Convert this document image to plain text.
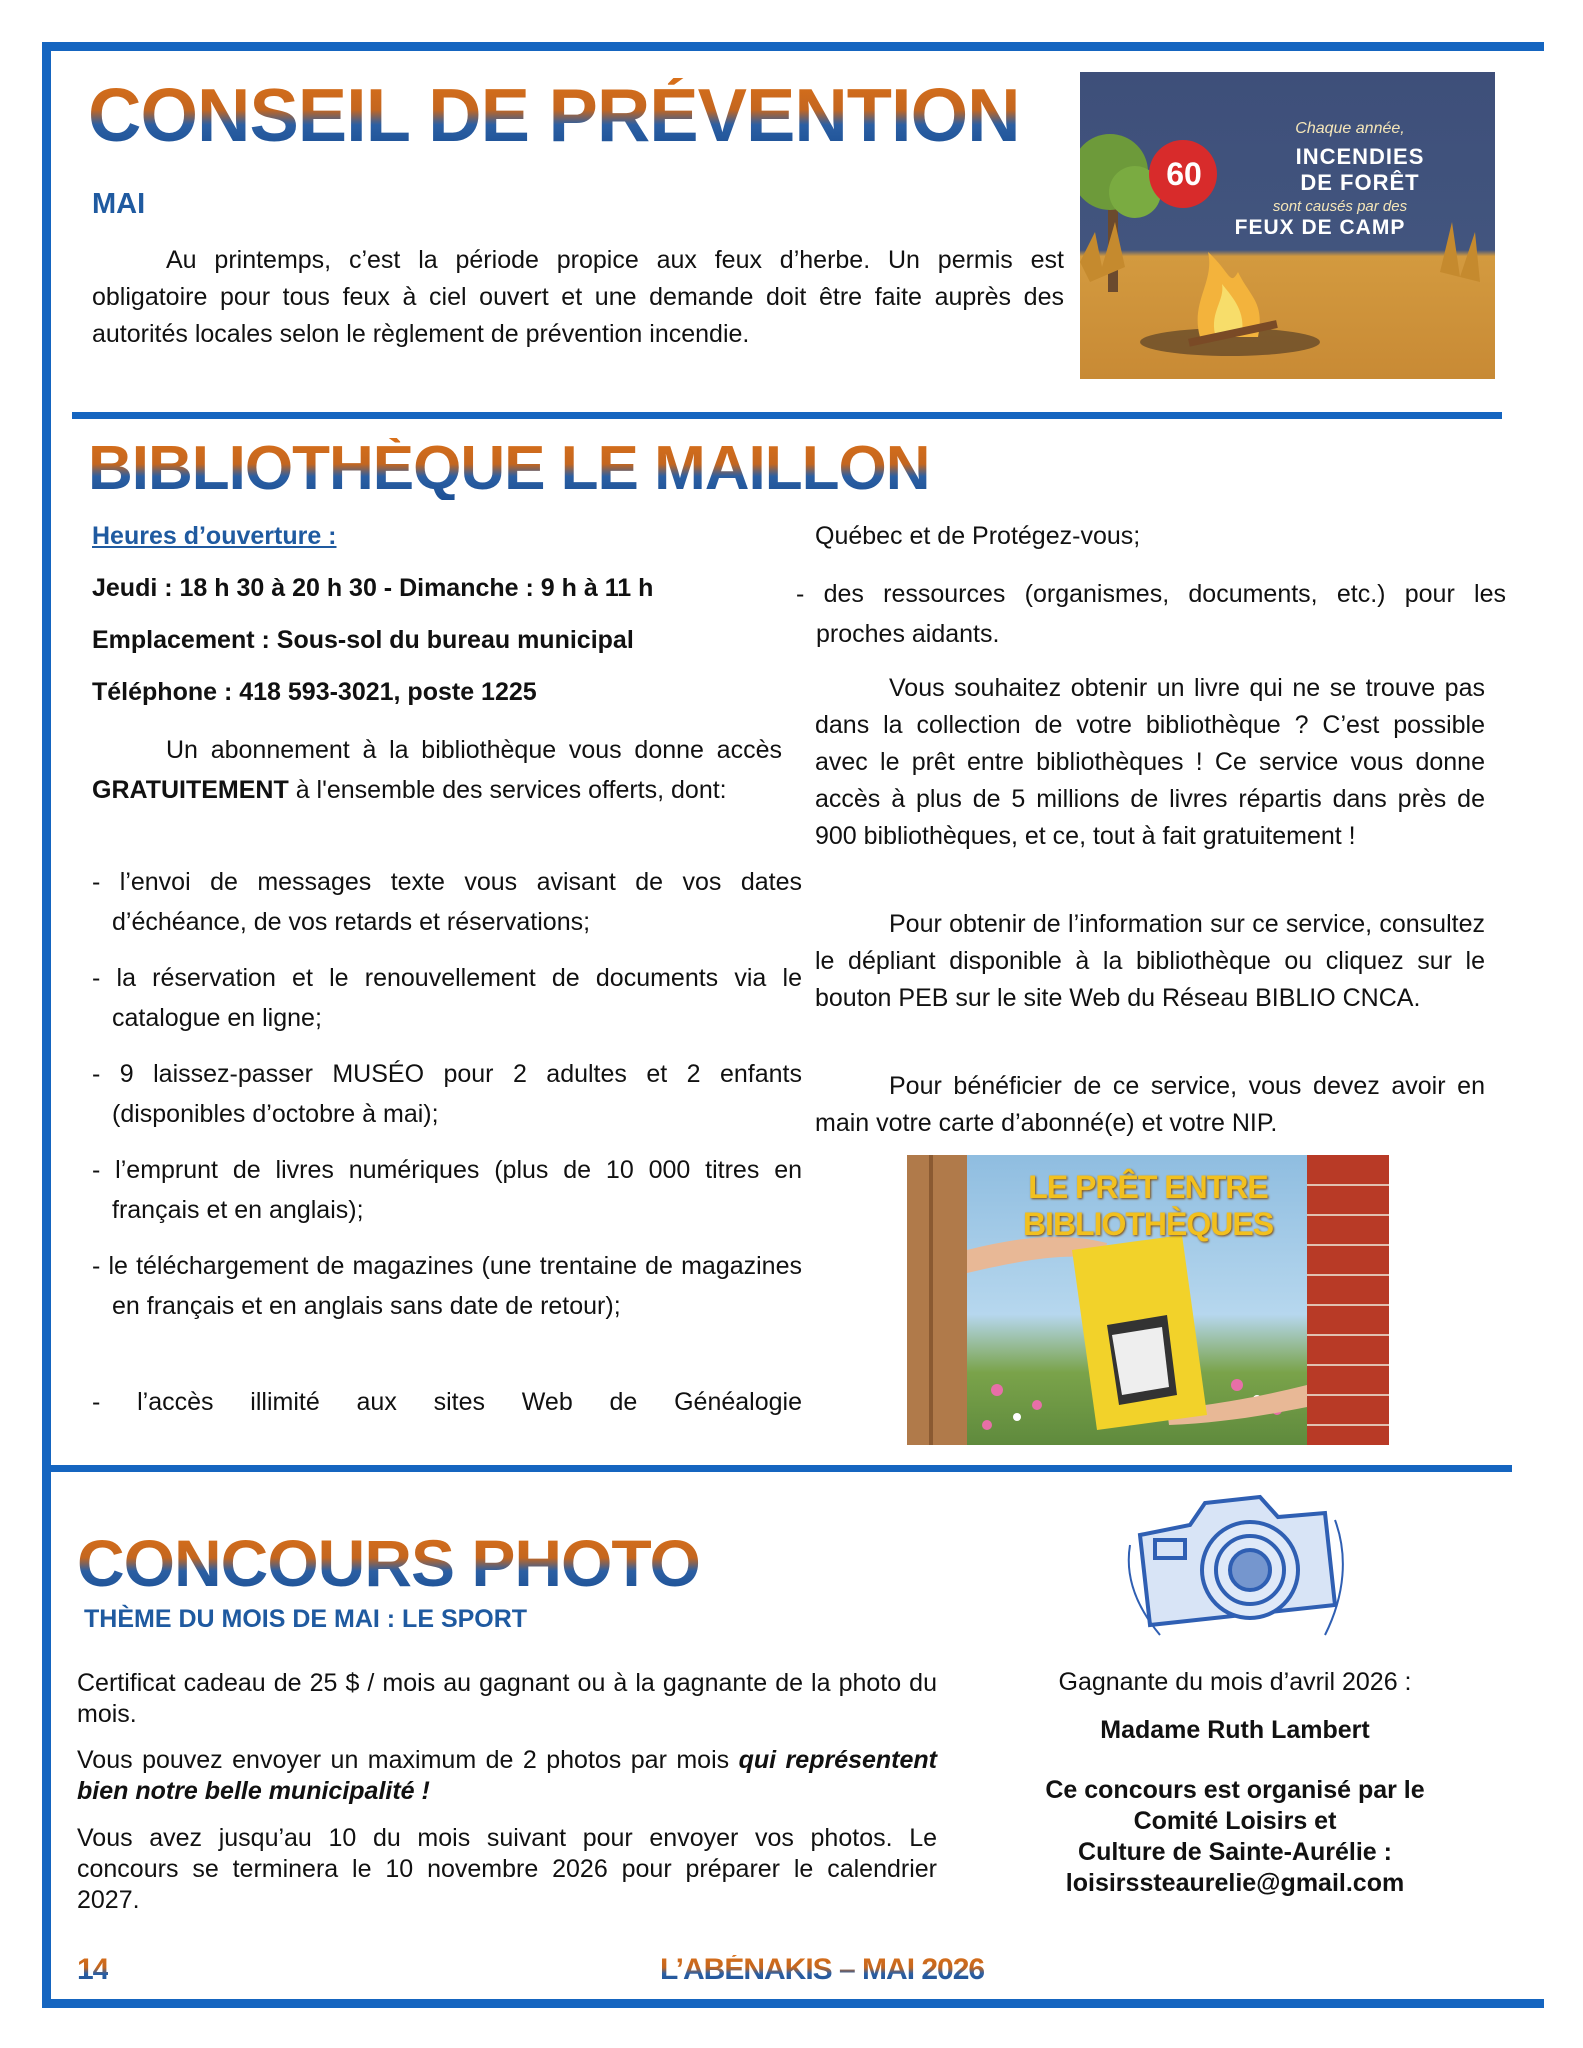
CONSEIL DE PRÉVENTION
MAI

Au printemps, c’est la période propice aux feux d’herbe. Un permis est obligatoire pour tous feux à ciel ouvert et une demande doit être faite auprès des autorités locales selon le règlement de prévention incendie.

Chaque année,
60	INCENDIES
DE FORÊT
sont causés par des
FEUX DE CAMP
BIBLIOTHÈQUE LE MAILLON
Heures d’ouverture :
Jeudi : 18 h 30 à 20 h 30 - Dimanche : 9 h à 11 h
Emplacement : Sous-sol du bureau municipal
Téléphone : 418 593-3021, poste 1225

Un abonnement à la bibliothèque vous donne accès GRATUITEMENT à l'ensemble des services offerts, dont:

- l’envoi de messages texte vous avisant de vos dates d’échéance, de vos retards et réservations;

- la réservation et le renouvellement de documents via le catalogue en ligne;

- 9 laissez-passer MUSÉO pour 2 adultes et 2 enfants (disponibles d’octobre à mai);

- l’emprunt de livres numériques (plus de 10 000 titres en français et en anglais);

- le téléchargement de magazines (une trentaine de magazines en français et en anglais sans date de retour);

- l’accès illimité aux sites Web de Généalogie

Québec et de Protégez-vous;

- des ressources (organismes, documents, etc.) pour les proches aidants.

Vous souhaitez obtenir un livre qui ne se trouve pas dans la collection de votre bibliothèque ? C’est possible avec le prêt entre bibliothèques ! Ce service vous donne accès à plus de 5 millions de livres répartis dans près de 900 bibliothèques, et ce, tout à fait gratuitement !

Pour obtenir de l’information sur ce service, consultez le dépliant disponible à la bibliothèque ou cliquez sur le bouton PEB sur le site Web du Réseau BIBLIO CNCA.

Pour bénéficier de ce service, vous devez avoir en main votre carte d’abonné(e) et votre NIP.

LE PRÊT ENTRE BIBLIOTHÈQUES
CONCOURS PHOTO
THÈME DU MOIS DE MAI : LE SPORT

Certificat cadeau de 25 $ / mois au gagnant ou à la gagnante de la photo du mois.

Vous pouvez envoyer un maximum de 2 photos par mois qui représentent bien notre belle municipalité !

Vous avez jusqu’au 10 du mois suivant pour envoyer vos photos. Le concours se terminera le 10 novembre 2026 pour préparer le calendrier 2027.

Gagnante du mois d’avril 2026 :
Madame Ruth Lambert
Ce concours est organisé par le
Comité Loisirs et
Culture de Sainte-Aurélie :
loisirssteaurelie@gmail.com
14	L’ABÉNAKIS – MAI 2026
